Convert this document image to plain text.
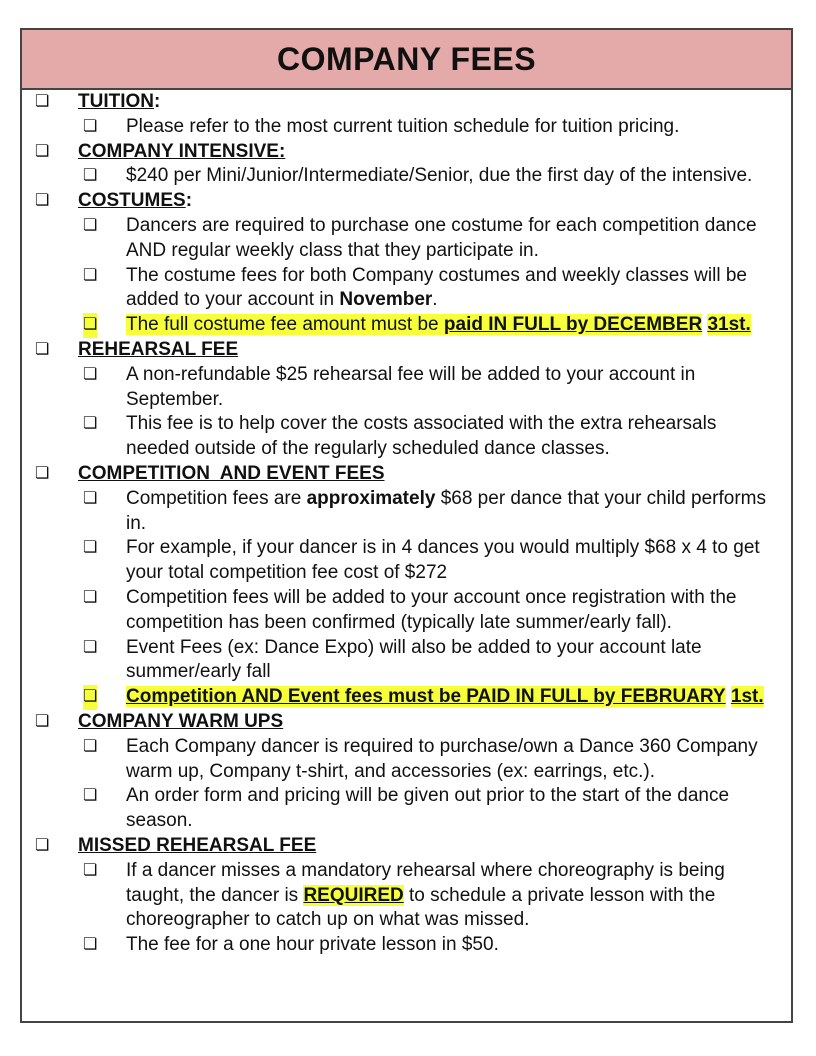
COMPANY FEES
❏ TUITION:
❏ Please refer to the most current tuition schedule for tuition pricing.
❏ COMPANY INTENSIVE:
❏ $240 per Mini/Junior/Intermediate/Senior, due the first day of the intensive.
❏ COSTUMES:
❏ Dancers are required to purchase one costume for each competition dance AND regular weekly class that they participate in.
❏ The costume fees for both Company costumes and weekly classes will be added to your account in November.
❏ The full costume fee amount must be paid IN FULL by DECEMBER 31st.
❏ REHEARSAL FEE
❏ A non-refundable $25 rehearsal fee will be added to your account in September.
❏ This fee is to help cover the costs associated with the extra rehearsals needed outside of the regularly scheduled dance classes.
❏ COMPETITION  AND EVENT FEES
❏ Competition fees are approximately $68 per dance that your child performs in.
❏ For example, if your dancer is in 4 dances you would multiply $68 x 4 to get your total competition fee cost of $272
❏ Competition fees will be added to your account once registration with the competition has been confirmed (typically late summer/early fall).
❏ Event Fees (ex: Dance Expo) will also be added to your account late summer/early fall
❏ Competition AND Event fees must be PAID IN FULL by FEBRUARY 1st.
❏ COMPANY WARM UPS
❏ Each Company dancer is required to purchase/own a Dance 360 Company warm up, Company t-shirt, and accessories (ex: earrings, etc.).
❏ An order form and pricing will be given out prior to the start of the dance season.
❏ MISSED REHEARSAL FEE
❏ If a dancer misses a mandatory rehearsal where choreography is being taught, the dancer is REQUIRED to schedule a private lesson with the choreographer to catch up on what was missed.
❏ The fee for a one hour private lesson in $50.
